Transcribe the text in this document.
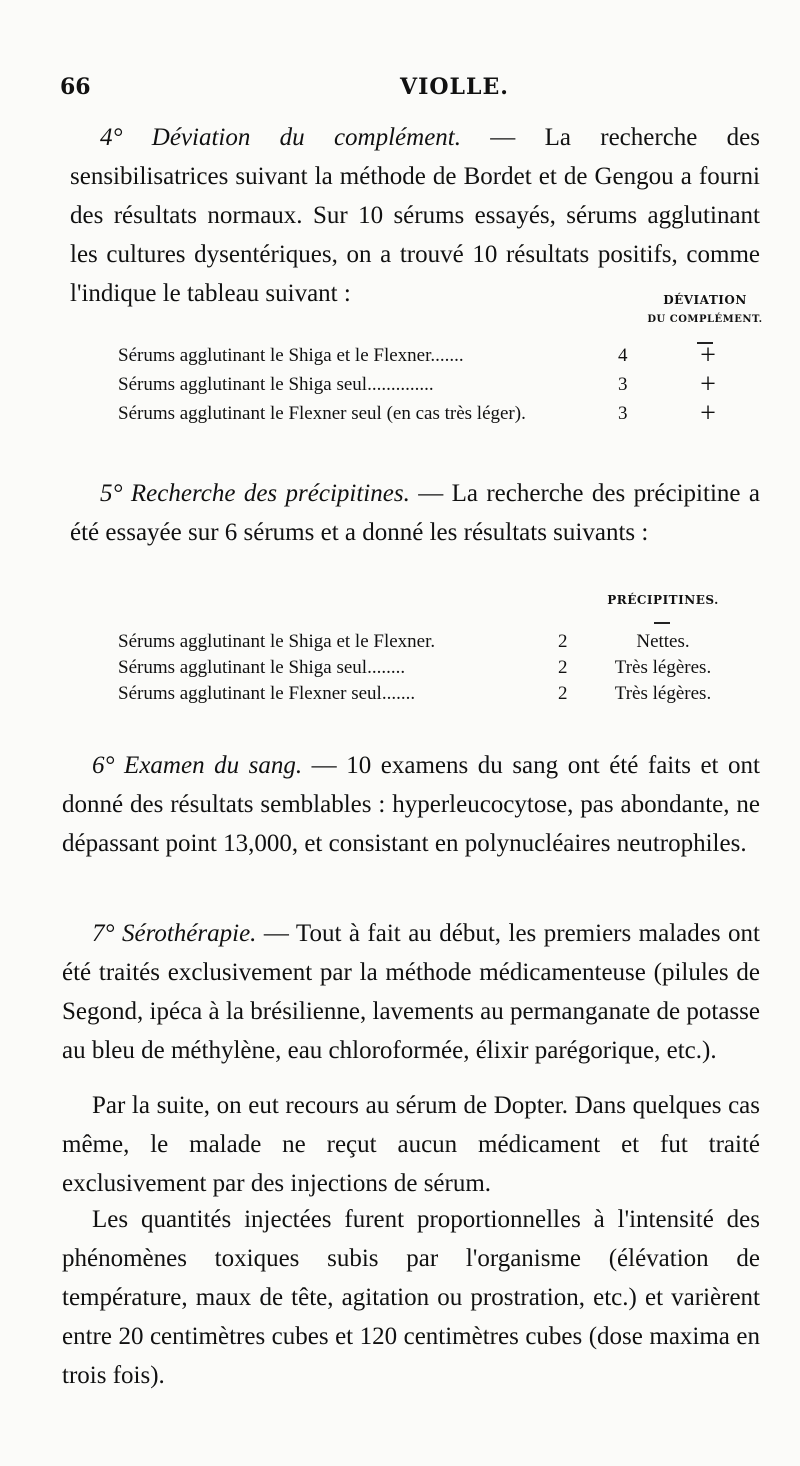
66	VIOLLE.
4° Déviation du complément. — La recherche des sensibilisatrices suivant la méthode de Bordet et de Gengou a fourni des résultats normaux. Sur 10 sérums essayés, sérums agglutinant les cultures dysentériques, on a trouvé 10 résultats positifs, comme l'indique le tableau suivant :	DÉVIATION
DU COMPLÉMENT.
Sérums agglutinant le Shiga et le Flexner.......	4	+
Sérums agglutinant le Shiga seul..............	3	+
Sérums agglutinant le Flexner seul (en cas très léger).	3	+
5° Recherche des précipitines. — La recherche des précipitine a été essayée sur 6 sérums et a donné les résultats suivants :
PRÉCIPITINES.
Sérums agglutinant le Shiga et le Flexner.	2	Nettes.
Sérums agglutinant le Shiga seul........	2	Très légères.
Sérums agglutinant le Flexner seul.......	2	Très légères.
6° Examen du sang. — 10 examens du sang ont été faits et ont donné des résultats semblables : hyperleucocytose, pas abondante, ne dépassant point 13,000, et consistant en polynucléaires neutrophiles.
7° Sérothérapie. — Tout à fait au début, les premiers malades ont été traités exclusivement par la méthode médicamenteuse (pilules de Segond, ipéca à la brésilienne, lavements au permanganate de potasse au bleu de méthylène, eau chloroformée, élixir parégorique, etc.).
Par la suite, on eut recours au sérum de Dopter. Dans quelques cas même, le malade ne reçut aucun médicament et fut traité exclusivement par des injections de sérum.
Les quantités injectées furent proportionnelles à l'intensité des phénomènes toxiques subis par l'organisme (élévation de température, maux de tête, agitation ou prostration, etc.) et varièrent entre 20 centimètres cubes et 120 centimètres cubes (dose maxima en trois fois).
